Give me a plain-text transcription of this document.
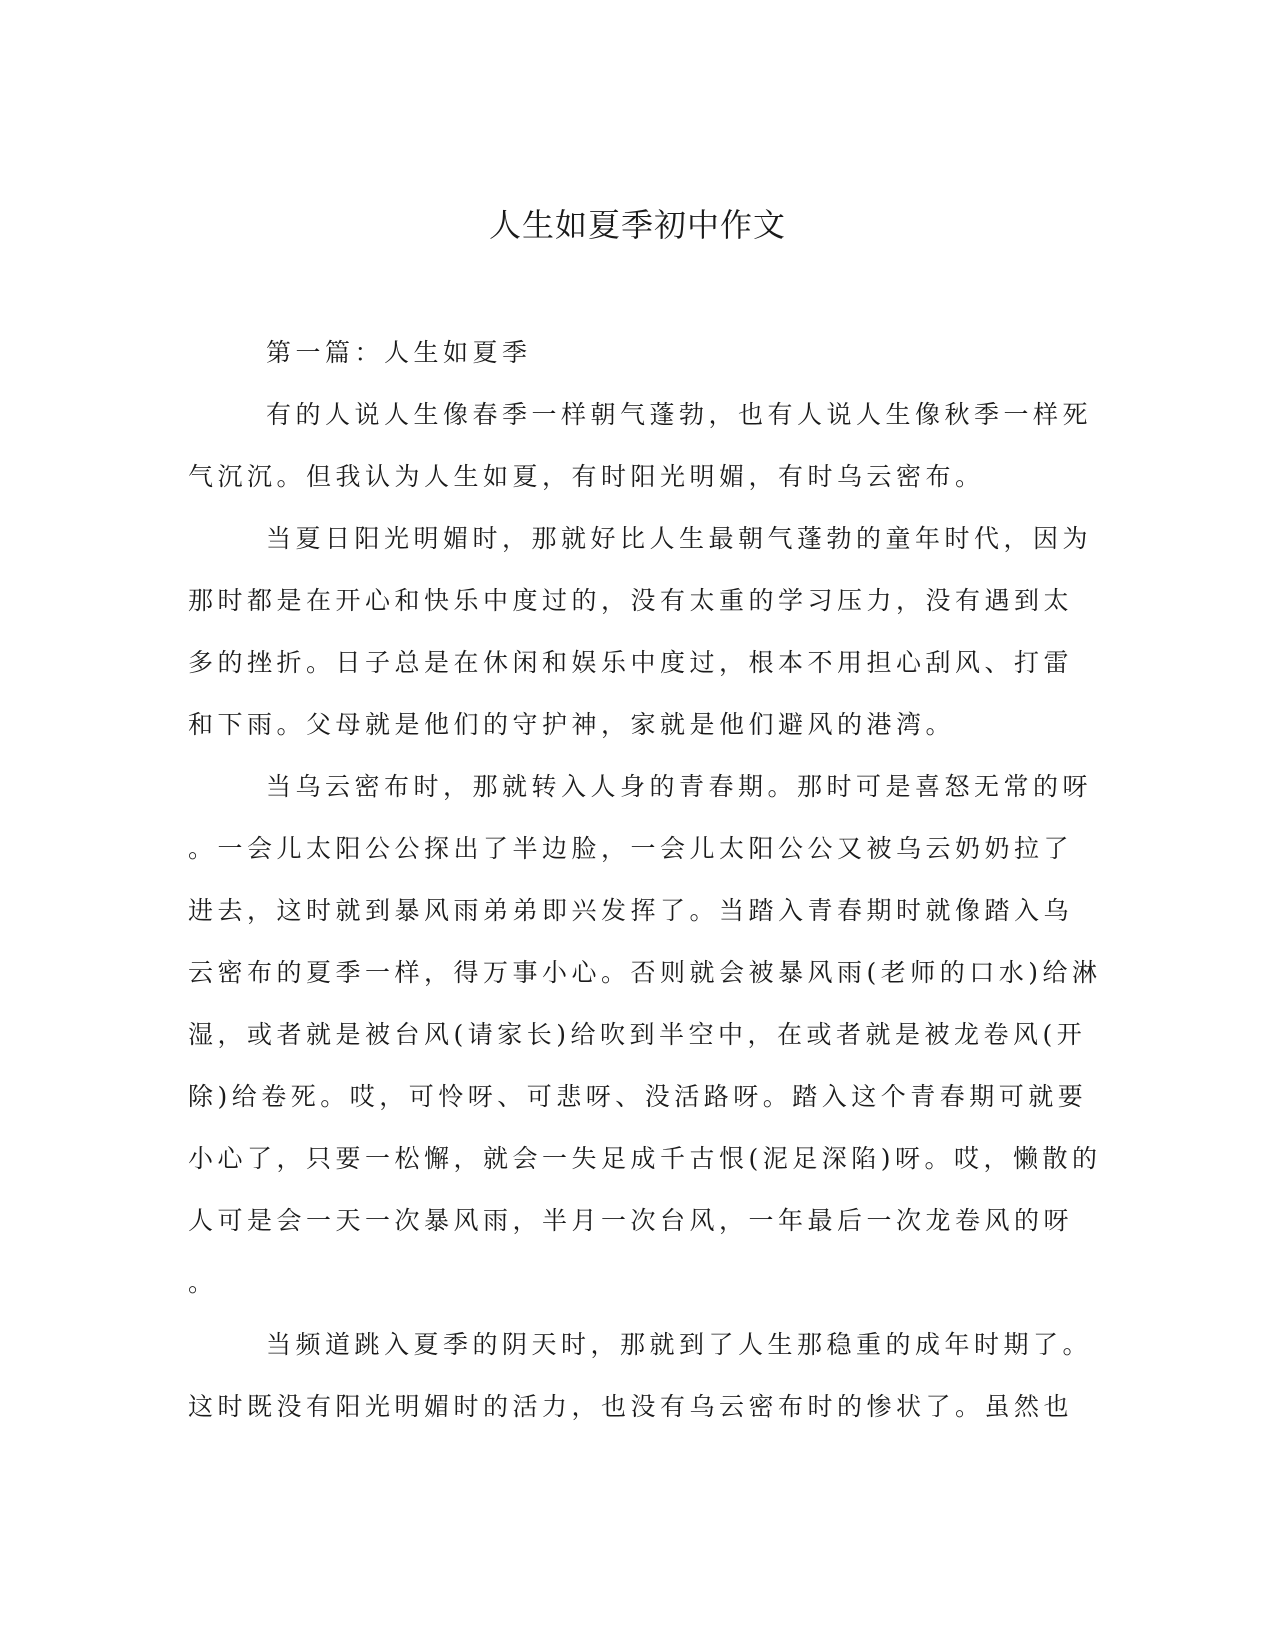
人生如夏季初中作文
第一篇：人生如夏季
有的人说人生像春季一样朝气蓬勃，也有人说人生像秋季一样死
气沉沉。但我认为人生如夏，有时阳光明媚，有时乌云密布。
当夏日阳光明媚时，那就好比人生最朝气蓬勃的童年时代，因为
那时都是在开心和快乐中度过的，没有太重的学习压力，没有遇到太
多的挫折。日子总是在休闲和娱乐中度过，根本不用担心刮风、打雷
和下雨。父母就是他们的守护神，家就是他们避风的港湾。
当乌云密布时，那就转入人身的青春期。那时可是喜怒无常的呀
。一会儿太阳公公探出了半边脸，一会儿太阳公公又被乌云奶奶拉了
进去，这时就到暴风雨弟弟即兴发挥了。当踏入青春期时就像踏入乌
云密布的夏季一样，得万事小心。否则就会被暴风雨(老师的口水)给淋
湿，或者就是被台风(请家长)给吹到半空中，在或者就是被龙卷风(开
除)给卷死。哎，可怜呀、可悲呀、没活路呀。踏入这个青春期可就要
小心了，只要一松懈，就会一失足成千古恨(泥足深陷)呀。哎，懒散的
人可是会一天一次暴风雨，半月一次台风，一年最后一次龙卷风的呀
。
当频道跳入夏季的阴天时，那就到了人生那稳重的成年时期了。
这时既没有阳光明媚时的活力，也没有乌云密布时的惨状了。虽然也
